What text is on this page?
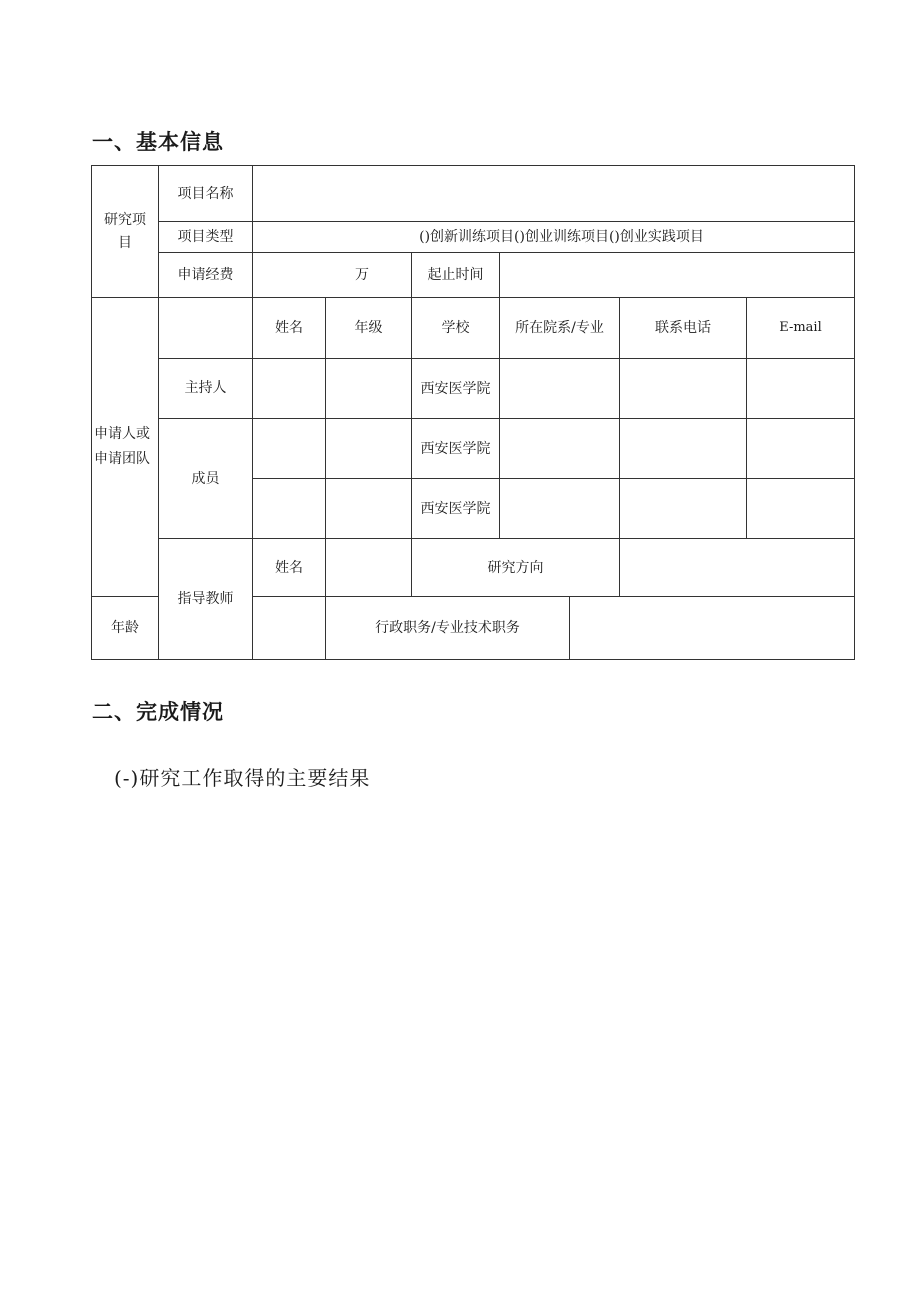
一、基本信息
研究项目	项目名称							
	项目类型	()创新训练项目()创业训练项目()创业实践项目						
	申请经费	万		起止时间				
申请人或申请团队		姓名	年级	学校	所在院系/专业		联系电话	E-mail
	主持人			西安医学院				
	成员			西安医学院				
				西安医学院				
	指导教师	姓名		研究方向				
年龄			行政职务/专业技术职务					
二、完成情况
(-)研究工作取得的主要结果
